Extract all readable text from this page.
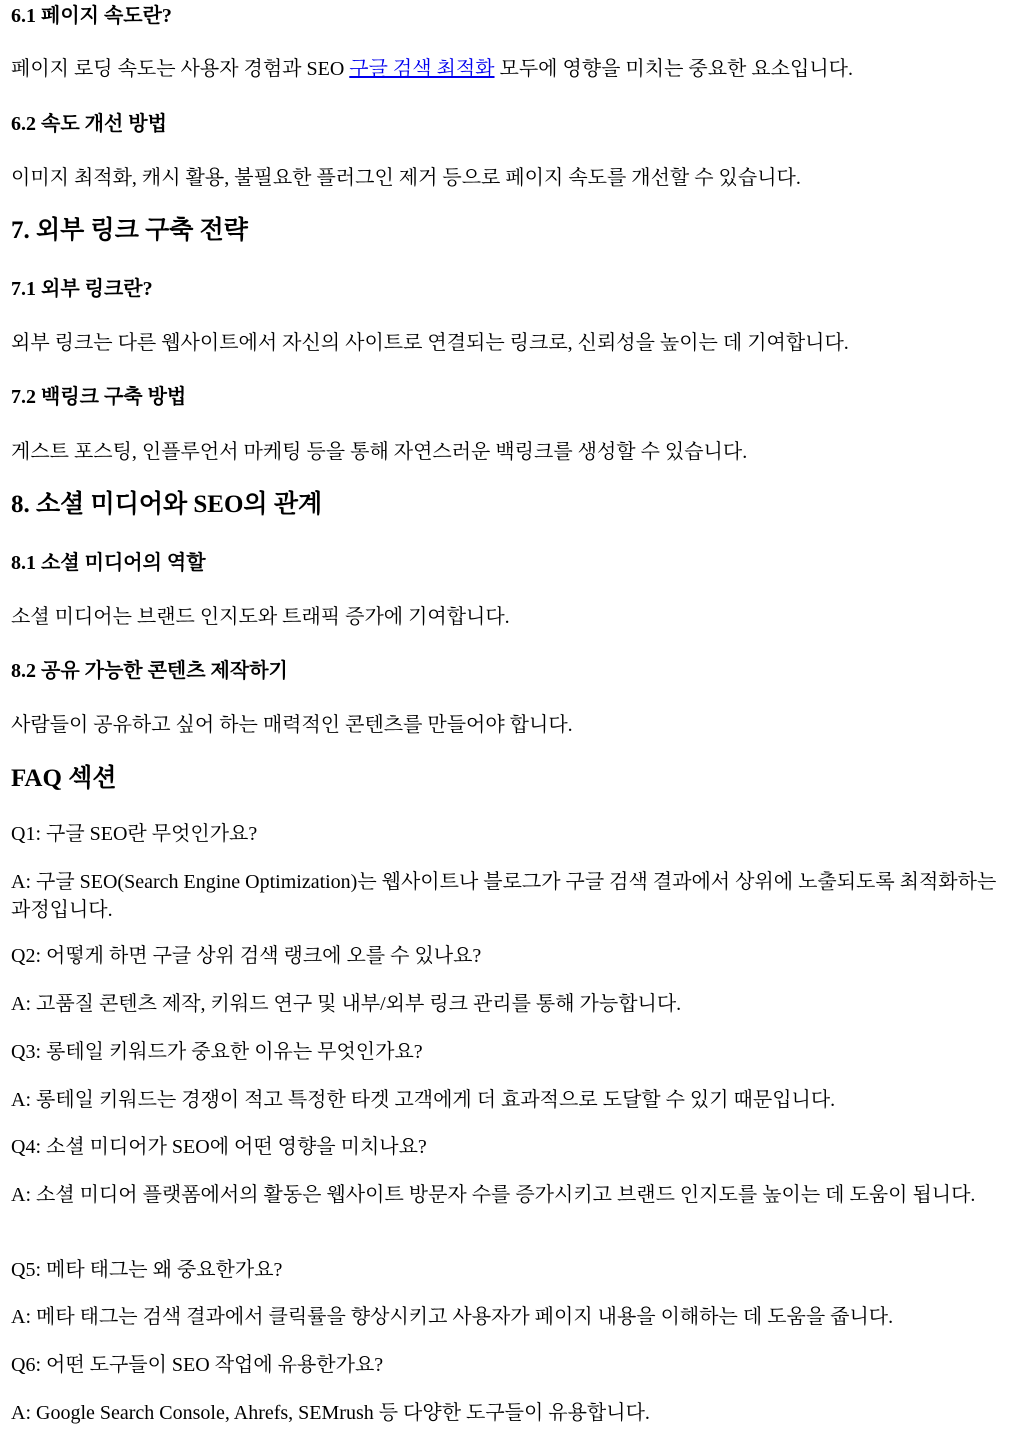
6.1 페이지 속도란?

페이지 로딩 속도는 사용자 경험과 SEO 구글 검색 최적화 모두에 영향을 미치는 중요한 요소입니다.

6.2 속도 개선 방법

이미지 최적화, 캐시 활용, 불필요한 플러그인 제거 등으로 페이지 속도를 개선할 수 있습니다.

7. 외부 링크 구축 전략
7.1 외부 링크란?

외부 링크는 다른 웹사이트에서 자신의 사이트로 연결되는 링크로, 신뢰성을 높이는 데 기여합니다.

7.2 백링크 구축 방법

게스트 포스팅, 인플루언서 마케팅 등을 통해 자연스러운 백링크를 생성할 수 있습니다.

8. 소셜 미디어와 SEO의 관계
8.1 소셜 미디어의 역할

소셜 미디어는 브랜드 인지도와 트래픽 증가에 기여합니다.

8.2 공유 가능한 콘텐츠 제작하기

사람들이 공유하고 싶어 하는 매력적인 콘텐츠를 만들어야 합니다.

FAQ 섹션

Q1: 구글 SEO란 무엇인가요?

A: 구글 SEO(Search Engine Optimization)는 웹사이트나 블로그가 구글 검색 결과에서 상위에 노출되도록 최적화하는 과정입니다.

Q2: 어떻게 하면 구글 상위 검색 랭크에 오를 수 있나요?

A: 고품질 콘텐츠 제작, 키워드 연구 및 내부/외부 링크 관리를 통해 가능합니다.

Q3: 롱테일 키워드가 중요한 이유는 무엇인가요?

A: 롱테일 키워드는 경쟁이 적고 특정한 타겟 고객에게 더 효과적으로 도달할 수 있기 때문입니다.

Q4: 소셜 미디어가 SEO에 어떤 영향을 미치나요?

A: 소셜 미디어 플랫폼에서의 활동은 웹사이트 방문자 수를 증가시키고 브랜드 인지도를 높이는 데 도움이 됩니다.

Q5: 메타 태그는 왜 중요한가요?

A: 메타 태그는 검색 결과에서 클릭률을 향상시키고 사용자가 페이지 내용을 이해하는 데 도움을 줍니다.

Q6: 어떤 도구들이 SEO 작업에 유용한가요?

A: Google Search Console, Ahrefs, SEMrush 등 다양한 도구들이 유용합니다.
